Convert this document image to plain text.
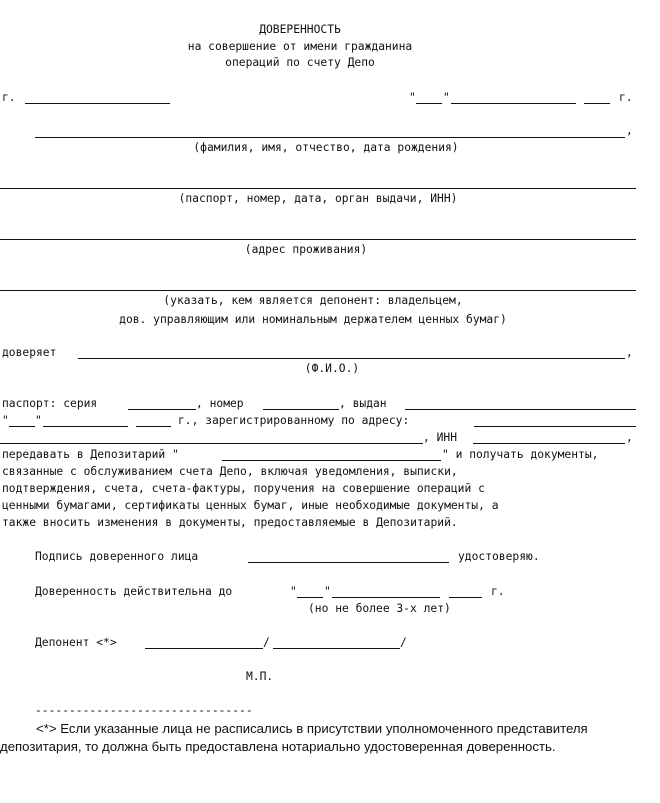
ДОВЕРЕННОСТЬ
на совершение от имени гражданина
операций по счету Депо
г.	" "	г.
,
(фамилия, имя, отчество, дата рождения)
(паспорт, номер, дата, орган выдачи, ИНН)
(адрес проживания)
(указать, кем является депонент: владельцем,
дов. управляющим или номинальным держателем ценных бумаг)
доверяет	,
(Ф.И.О.)
паспорт: серия	, номер	, выдан
" "	г., зарегистрированному по адресу:
, ИНН	,
передавать в Депозитарий "	" и получать документы,
связанные с обслуживанием счета Депо, включая уведомления, выписки,
подтверждения, счета, счета-фактуры, поручения на совершение операций с
ценными бумагами, сертификаты ценных бумаг, иные необходимые документы, а
также вносить изменения в документы, предоставляемые в Депозитарий.
Подпись доверенного лица	удостоверяю.
Доверенность действительна до	" "	г.
(но не более 3-х лет)
Депонент <*>	/	/
М.П.
--------------------------------
<*> Если указанные лица не расписались в присутствии уполномоченного представителя
депозитария, то должна быть предоставлена нотариально удостоверенная доверенность.
